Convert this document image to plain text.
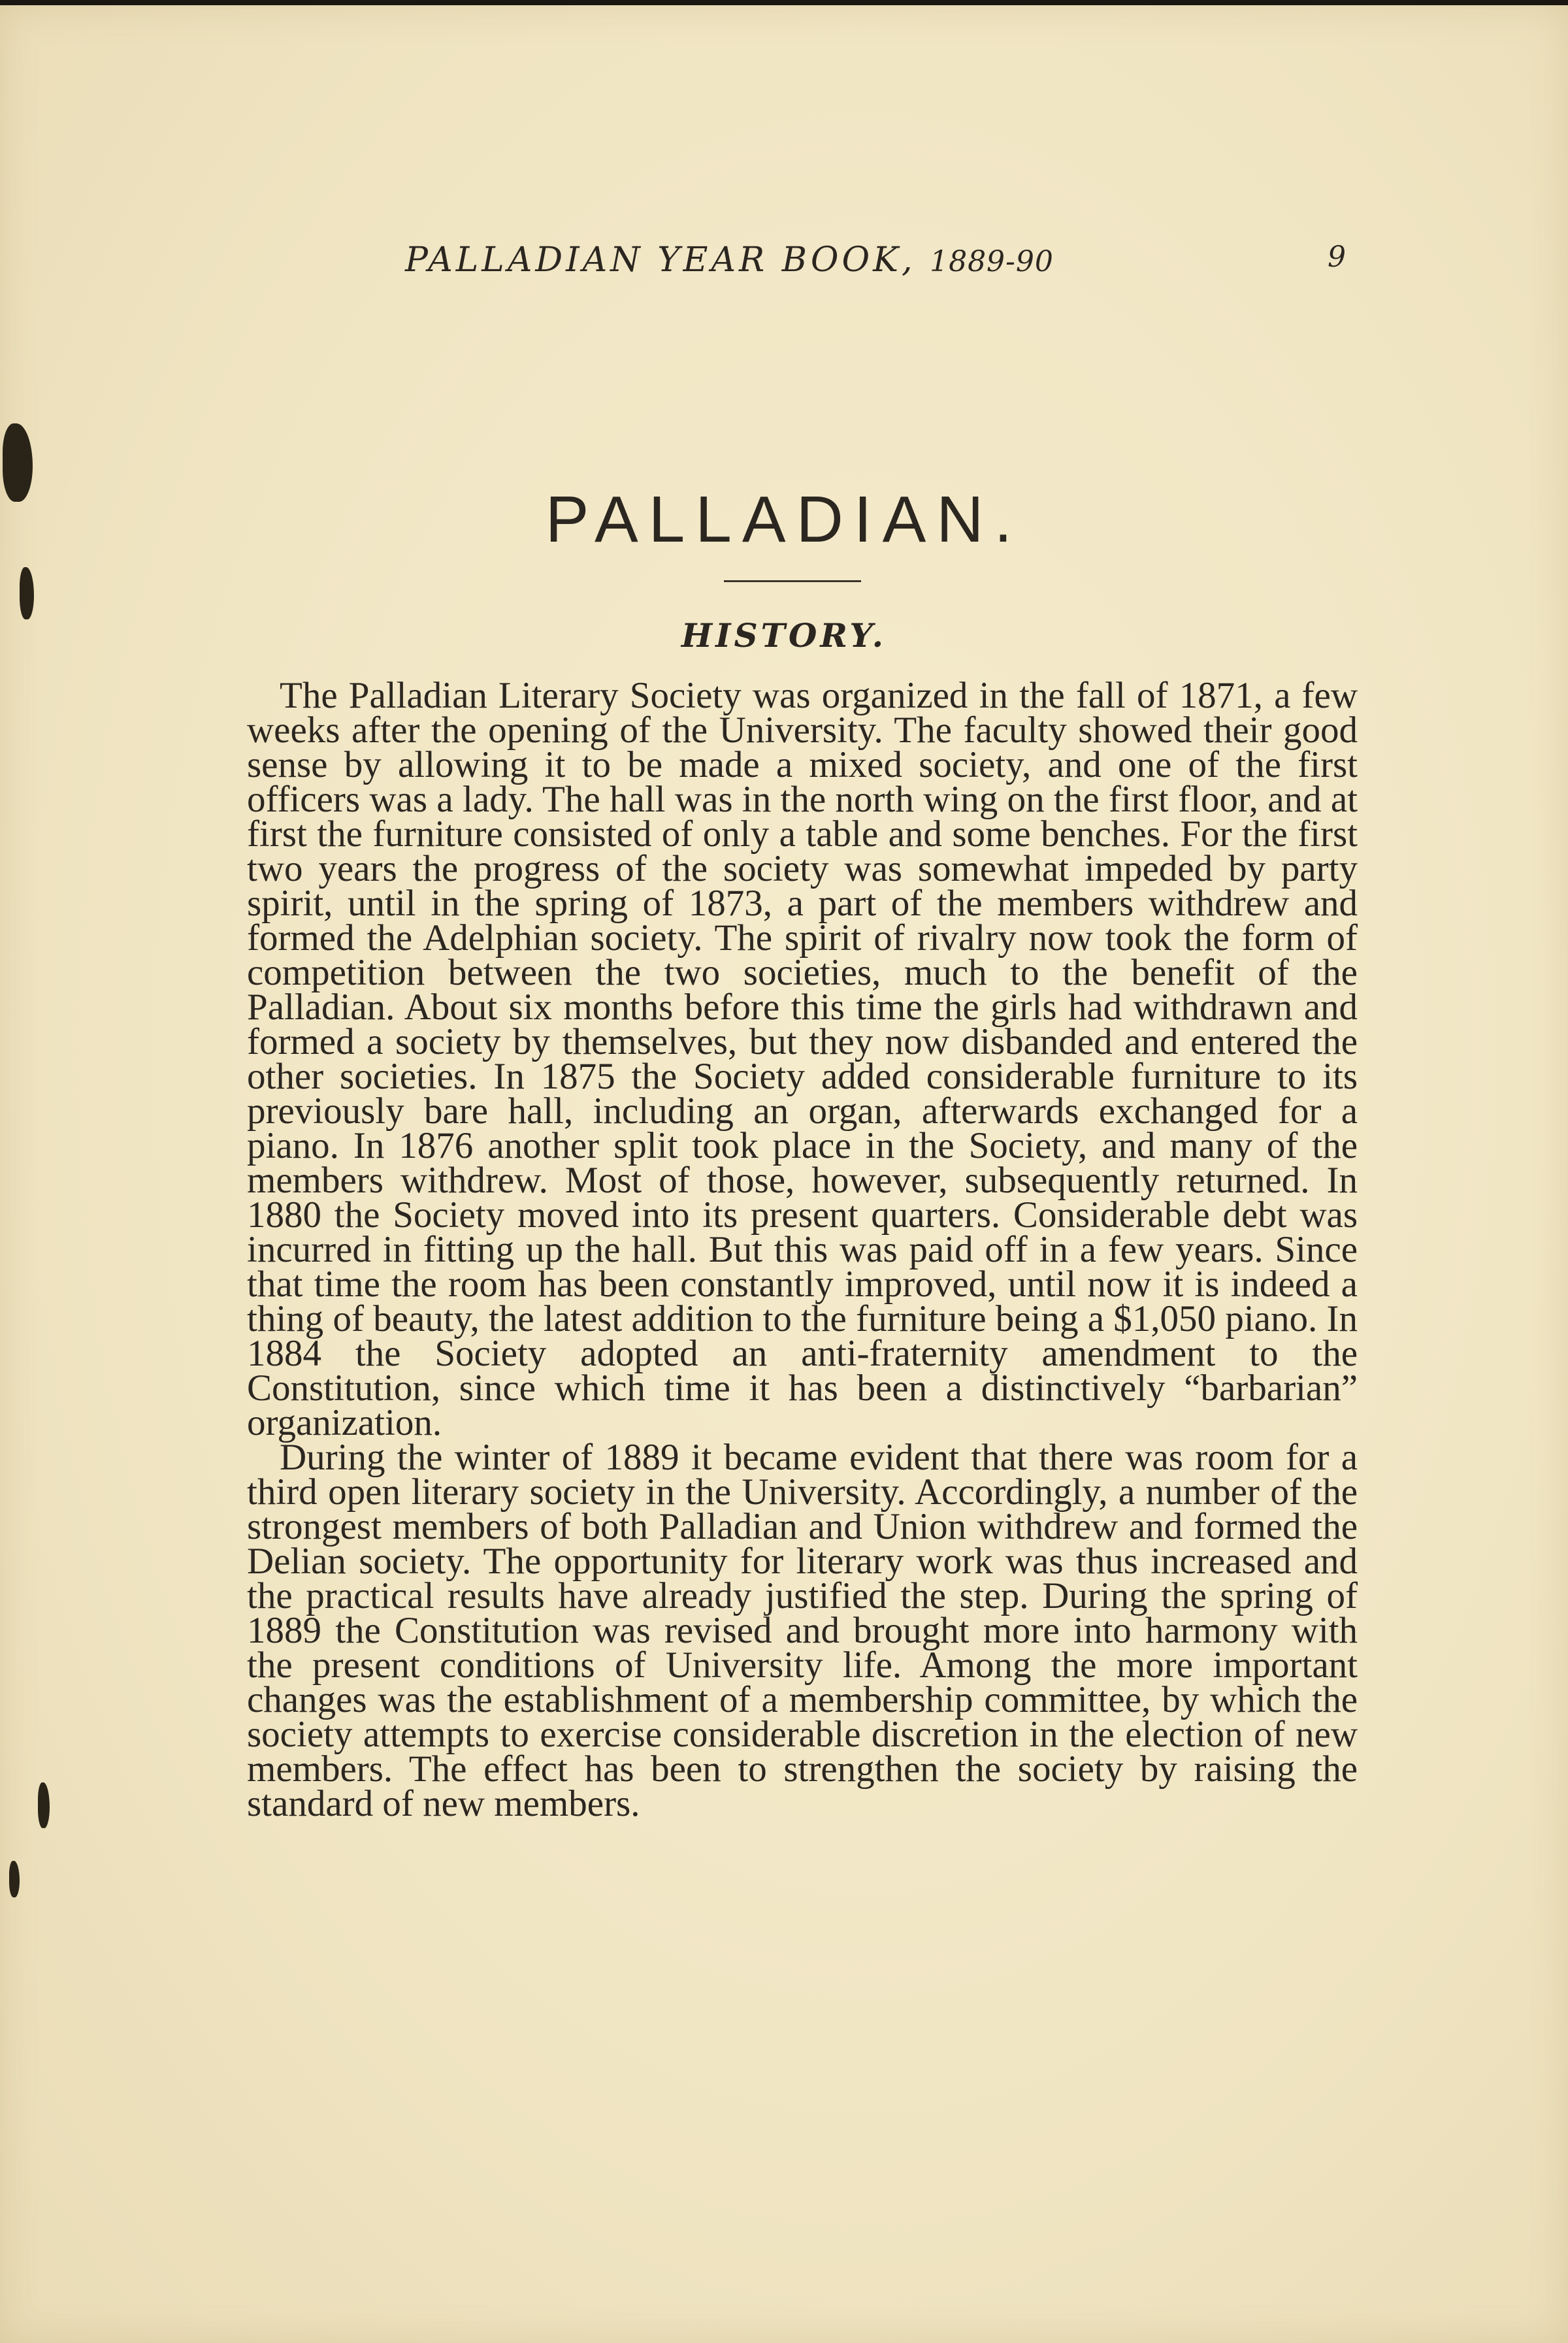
PALLADIAN YEAR BOOK, 1889-90	9
PALLADIAN.
HISTORY.

The Palladian Literary Society was organized in the fall of 1871, a few weeks after the opening of the University. The faculty showed their good sense by allowing it to be made a mixed society, and one of the first officers was a lady. The hall was in the north wing on the first floor, and at first the furniture consisted of only a table and some benches. For the first two years the progress of the society was somewhat impeded by party spirit, until in the spring of 1873, a part of the members withdrew and formed the Adelphian society. The spirit of rivalry now took the form of competition between the two societies, much to the benefit of the Palladian. About six months before this time the girls had withdrawn and formed a society by themselves, but they now disbanded and entered the other societies. In 1875 the Society added considerable furniture to its previously bare hall, including an organ, afterwards exchanged for a piano. In 1876 another split took place in the Society, and many of the members withdrew. Most of those, however, subsequently returned. In 1880 the Society moved into its present quarters. Considerable debt was incurred in fitting up the hall. But this was paid off in a few years. Since that time the room has been constantly improved, until now it is indeed a thing of beauty, the latest addition to the furniture being a $1,050 piano. In 1884 the Society adopted an anti-fraternity amendment to the Constitution, since which time it has been a distinctively “barbarian” organization.

During the winter of 1889 it became evident that there was room for a third open literary society in the University. Accordingly, a number of the strongest members of both Palladian and Union withdrew and formed the Delian society. The opportunity for literary work was thus increased and the practical results have already justified the step. During the spring of 1889 the Constitution was revised and brought more into harmony with the present conditions of University life. Among the more important changes was the establishment of a membership committee, by which the society attempts to exercise considerable discretion in the election of new members. The effect has been to strengthen the society by raising the standard of new members.
